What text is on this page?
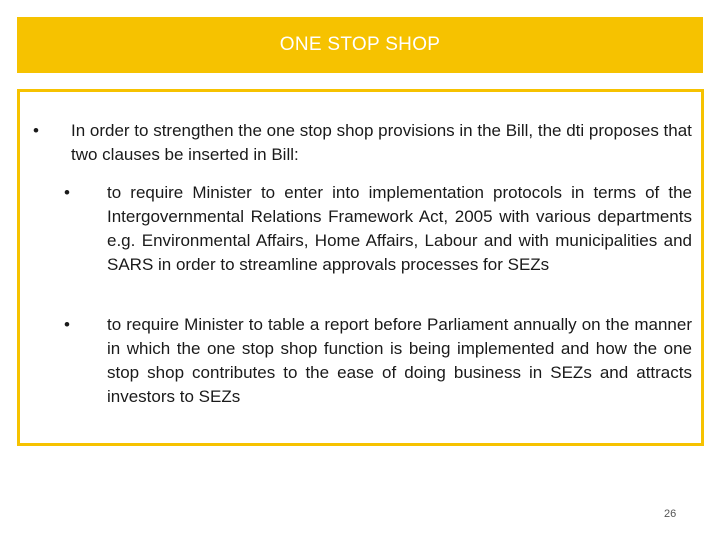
ONE STOP SHOP
• In order to strengthen the one stop shop provisions in the Bill, the dti proposes that two clauses be inserted in Bill:
• to require Minister to enter into implementation protocols in terms of the Intergovernmental Relations Framework Act, 2005 with various departments e.g. Environmental Affairs, Home Affairs, Labour and with municipalities and SARS in order to streamline approvals processes for SEZs
• to require Minister to table a report before Parliament annually on the manner in which the one stop shop function is being implemented and how the one stop shop contributes to the ease of doing business in SEZs and attracts investors to SEZs
26
